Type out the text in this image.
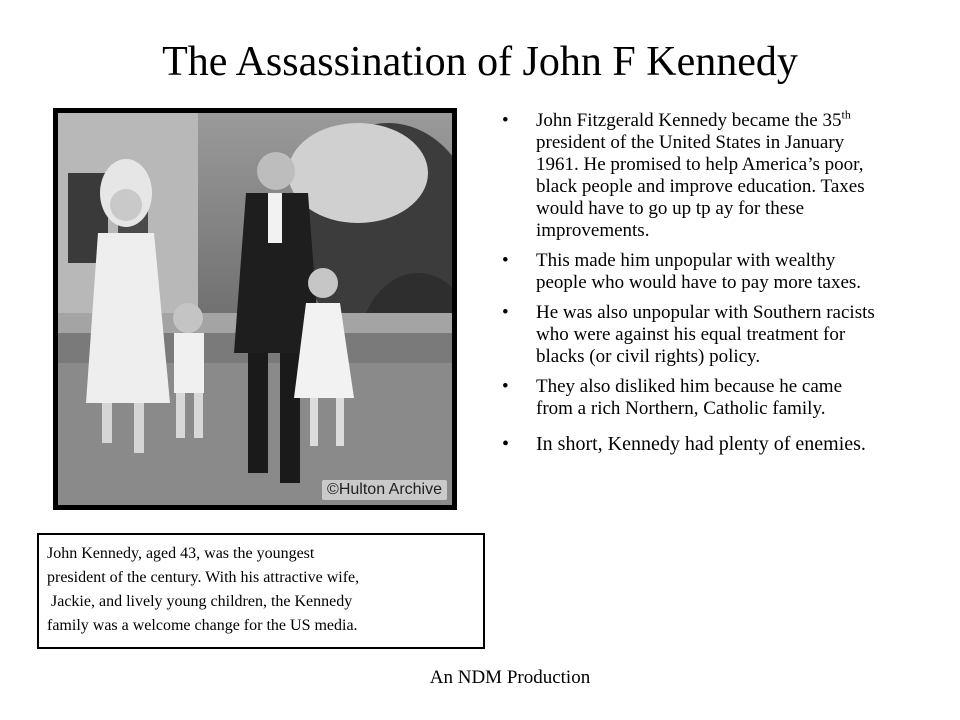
The Assassination of John F Kennedy
©Hulton Archive
• John Fitzgerald Kennedy became the 35th president of the United States in January 1961. He promised to help America’s poor, black people and improve education. Taxes would have to go up tp ay for these improvements.
• This made him unpopular with wealthy people who would have to pay more taxes.
• He was also unpopular with Southern racists who were against his equal treatment for blacks (or civil rights) policy.
• They also disliked him because he came from a rich Northern, Catholic family.
• In short, Kennedy had plenty of enemies.
John Kennedy, aged 43, was the youngest
president of the century. With his attractive wife,
Jackie, and lively young children, the Kennedy
family was a welcome change for the US media.
An NDM Production
